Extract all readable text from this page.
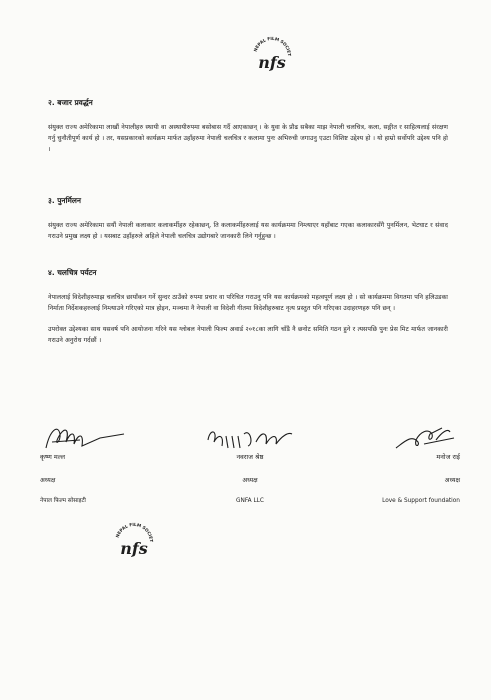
NEPAL FILM SOCIET
nfs

२. बजार प्रवर्द्धन

संयुक्त राज्य अमेरिकामा लाखौं नेपालीहरु स्थायी वा अस्थायीरुपमा बसोबास गर्दै आएकाछन् । के युवा के प्रौढ सबैका माझ नेपाली चलचित्र, कला, सङ्गीत र साहित्यलाई संरक्षण गर्नु चुनौतीपूर्ण कार्य हो । तर, यसप्रकारको कार्यक्रम मार्फत उहाँहरुमा नेपाली चलचित्र र कलामा पुनः अभिरुची जगाउनु एउटा विशिष्ट उद्देश्य हो । यो हाम्रो सर्वोपरि उद्देश्य पनि हो ।

३. पुनर्मिलन

संयुक्त राज्य अमेरिकामा सयौं नेपाली कलाकार कलाकर्मीहरु रहेकाछन्, ति कलाकर्मीहरुलाई यस कार्यक्रममा निम्त्याएर यहाँबाट गएका कलाकारसँगै पुनर्मिलन, भेटघाट र संवाद गराउने प्रमुख लक्ष्य हो । यसबाट उहाँहरुले अहिले नेपाली चलचित्र उद्योगबारे जानकारी लिने गर्नुहुन्छ ।

४. चलचित्र पर्यटन

नेपाललाई विदेशीहरुमाझ चलचित्र छायाँकन गर्ने सुन्दर ठाउँको रुपमा प्रचार वा परिचित गराउनु पनि यस कार्यक्रमको महत्वपूर्ण लक्ष्य हो । सो कार्यक्रममा विगतमा पनि हलिउडका निर्माता निर्देशकहरुलाई निम्त्याउने गरिएको मात्र होइन, मञ्चमा नै नेपाली वा विदेशी गीतमा विदेशीहरुबाट नृत्य प्रस्तुत पनि गरिएका उदाहरणहरु पनि छन् ।

उपरोक्त उद्देश्यका साथ यसवर्ष पनि आयोजना गरिने यस ग्लोबल नेपाली फिल्म अवार्ड २०१८का लागि चाँडै नै छनोट समिति गठन हुने र त्यसपछि पुनः प्रेस मिट मार्फत जानकारी गराउने अनुरोध गर्दछौं ।

कृष्ण मल्ल
अध्यक्ष
नेपाल फिल्म सोसाइटी
नवराज श्रेष्ठ
अध्यक्ष
GNFA LLC
मनोज राई
अध्यक्ष
Love & Support foundation
NEPAL FILM SOCIET
nfs
